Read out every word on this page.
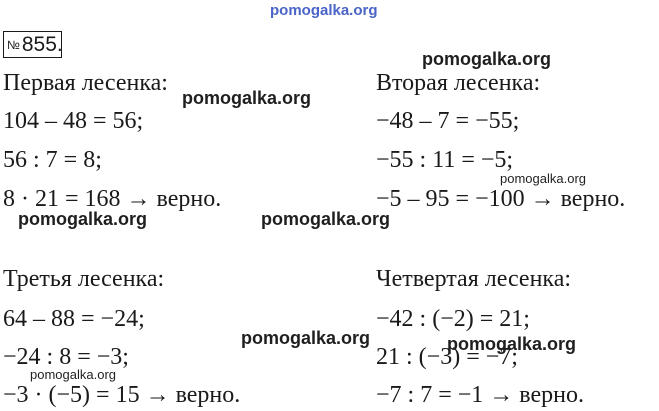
№855.
Первая лесенка:
104 – 48 = 56;
56 : 7 = 8;
8 · 21 = 168 → верно.
Вторая лесенка:
−48 – 7 = −55;
−55 : 11 = −5;
−5 – 95 = −100 → верно.
Третья лесенка:
64 – 88 = −24;
−24 : 8 = −3;
−3 · (−5) = 15 → верно.
Четвертая лесенка:
−42 : (−2) = 21;
21 : (−3) = −7;
−7 : 7 = −1 → верно.
pomogalka.org
pomogalka.org
pomogalka.org
pomogalka.org
pomogalka.org	pomogalka.org
pomogalka.org	pomogalka.org
pomogalka.org
